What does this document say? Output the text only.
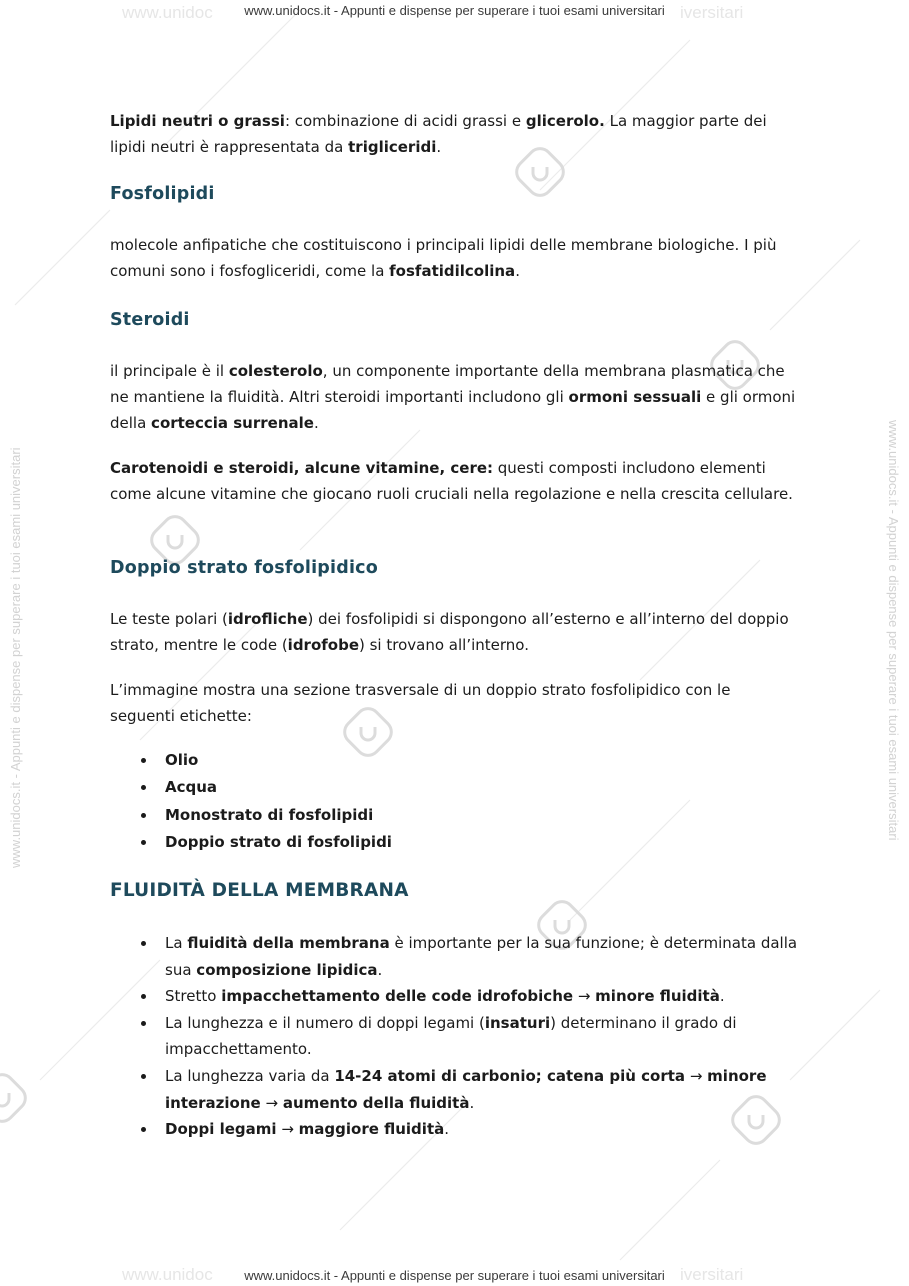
www.unidoc	iversitari
www.unidocs.it - Appunti e dispense per superare i tuoi esami universitari
www.unidoc	iversitari
www.unidocs.it - Appunti e dispense per superare i tuoi esami universitari
www.unidocs.it - Appunti e dispense per superare i tuoi esami universitari	www.unidocs.it - Appunti e dispense per superare i tuoi esami universitari

Lipidi neutri o grassi: combinazione di acidi grassi e glicerolo. La maggior parte dei lipidi neutri è rappresentata da trigliceridi.

Fosfolipidi

molecole anfipatiche che costituiscono i principali lipidi delle membrane biologiche. I più comuni sono i fosfogliceridi, come la fosfatidilcolina.

Steroidi

il principale è il colesterolo, un componente importante della membrana plasmatica che ne mantiene la fluidità. Altri steroidi importanti includono gli ormoni sessuali e gli ormoni della corteccia surrenale.

Carotenoidi e steroidi, alcune vitamine, cere: questi composti includono elementi come alcune vitamine che giocano ruoli cruciali nella regolazione e nella crescita cellulare.

Doppio strato fosfolipidico

Le teste polari (idrofliche) dei fosfolipidi si dispongono all’esterno e all’interno del doppio strato, mentre le code (idrofobe) si trovano all’interno.

L’immagine mostra una sezione trasversale di un doppio strato fosfolipidico con le seguenti etichette:

Olio
Acqua
Monostrato di fosfolipidi
Doppio strato di fosfolipidi
FLUIDITÀ DELLA MEMBRANA
La fluidità della membrana è importante per la sua funzione; è determinata dalla sua composizione lipidica.
Stretto impacchettamento delle code idrofobiche → minore fluidità.
La lunghezza e il numero di doppi legami (insaturi) determinano il grado di impacchettamento.
La lunghezza varia da 14-24 atomi di carbonio; catena più corta → minore interazione → aumento della fluidità.
Doppi legami → maggiore fluidità.
